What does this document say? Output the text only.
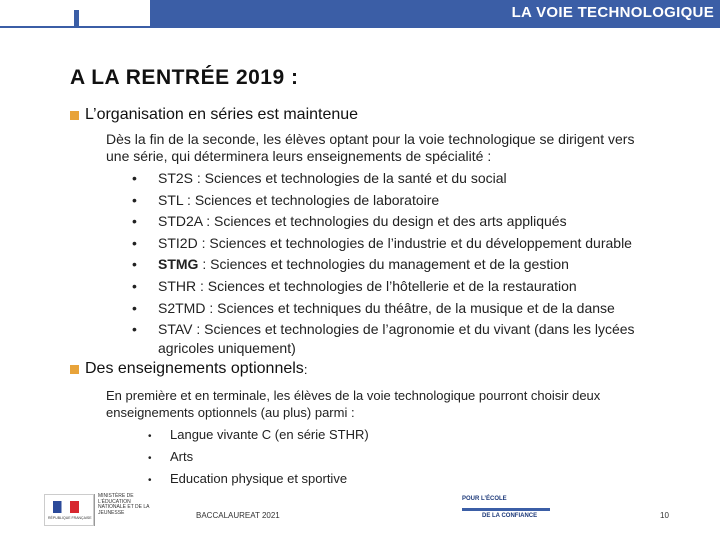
LA VOIE TECHNOLOGIQUE
A LA RENTRÉE 2019 :
L’organisation en séries est maintenue
Dès la fin de la seconde, les élèves optant pour la voie technologique se dirigent vers
une série, qui déterminera leurs enseignements de spécialité :
• ST2S : Sciences et technologies de la santé et du social
• STL : Sciences et technologies de laboratoire
• STD2A : Sciences et technologies du design et des arts appliqués
• STI2D : Sciences et technologies de l’industrie et du développement durable
• STMG : Sciences et technologies du management et de la gestion
• STHR : Sciences et technologies de l’hôtellerie et de la restauration
• S2TMD : Sciences et techniques du théâtre, de la musique et de la danse
• STAV : Sciences et technologies de l’agronomie et du vivant (dans les lycées
agricoles uniquement)
Des enseignements optionnels :
En première et en terminale, les élèves de la voie technologique pourront choisir deux
enseignements optionnels (au plus) parmi :
• Langue vivante C (en série STHR)
• Arts
• Education physique et sportive
RÉPUBLIQUE FRANÇAISE
MINISTÈRE DE L’ÉDUCATION NATIONALE ET DE LA JEUNESSE	BACCALAUREAT 2021
POUR L’ÉCOLE
DE LA CONFIANCE	10
